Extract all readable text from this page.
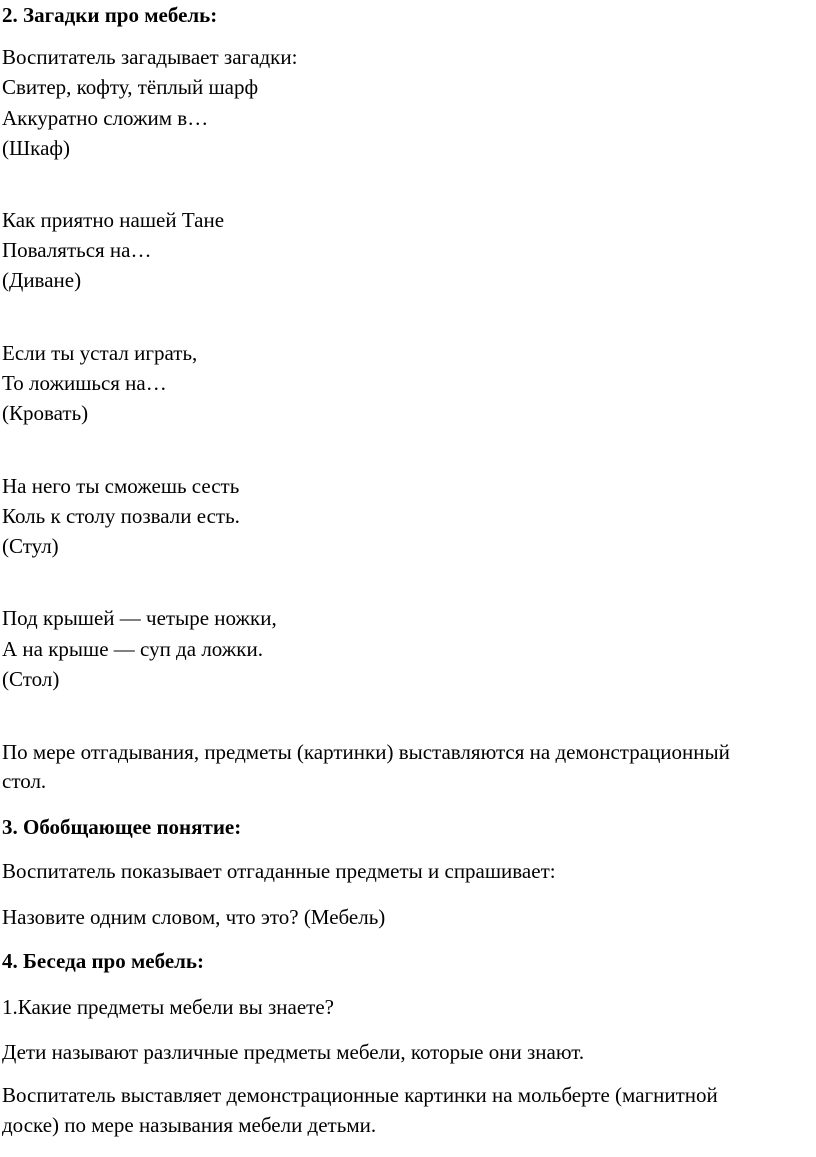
2. Загадки про мебель:
Воспитатель загадывает загадки:
Свитер, кофту, тёплый шарф
Аккуратно сложим в…
(Шкаф)
Как приятно нашей Тане
Поваляться на…
(Диване)
Если ты устал играть,
То ложишься на…
(Кровать)
На него ты сможешь сесть
Коль к столу позвали есть.
(Стул)
Под крышей — четыре ножки,
А на крыше — суп да ложки.
(Стол)
По мере отгадывания, предметы (картинки) выставляются на демонстрационный
стол.
3. Обобщающее понятие:
Воспитатель показывает отгаданные предметы и спрашивает:
Назовите одним словом, что это? (Мебель)
4. Беседа про мебель:
1.Какие предметы мебели вы знаете?
Дети называют различные предметы мебели, которые они знают.
Воспитатель выставляет демонстрационные картинки на мольберте (магнитной
доске) по мере называния мебели детьми.
